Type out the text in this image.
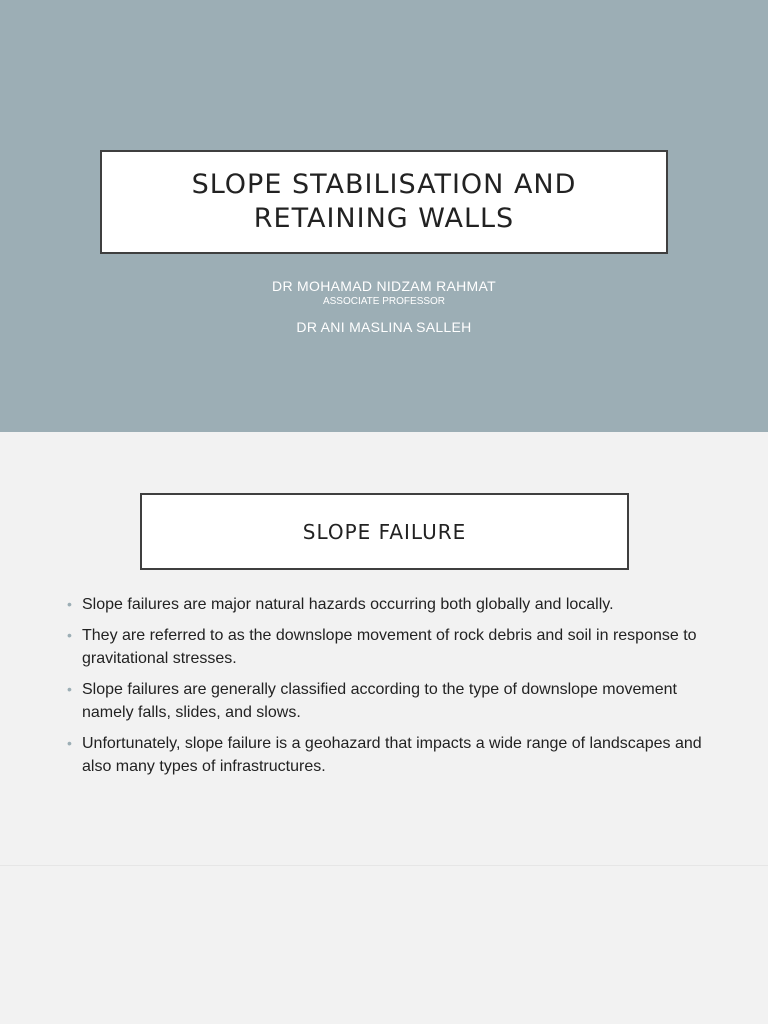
SLOPE STABILISATION AND
RETAINING WALLS
DR MOHAMAD NIDZAM RAHMAT
ASSOCIATE PROFESSOR
DR ANI MASLINA SALLEH
SLOPE FAILURE
• Slope failures are major natural hazards occurring both globally and locally.
• They are referred to as the downslope movement of rock debris and soil in response to gravitational stresses.
• Slope failures are generally classified according to the type of downslope movement namely falls, slides, and slows.
• Unfortunately, slope failure is a geohazard that impacts a wide range of landscapes and also many types of infrastructures.
